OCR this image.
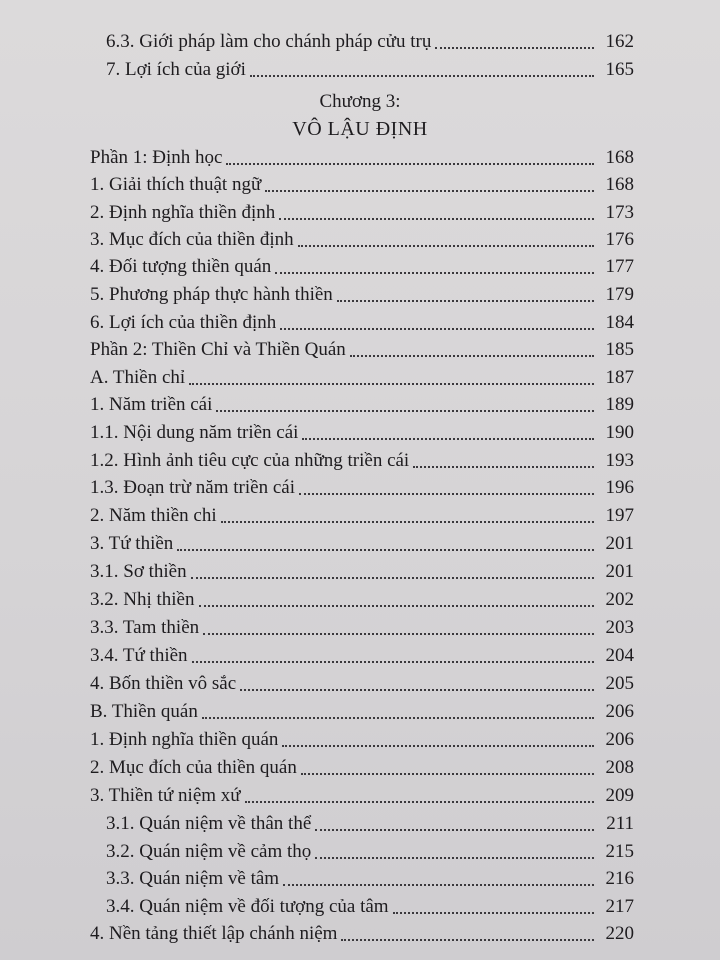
6.3. Giới pháp làm cho chánh pháp cửu trụ	162
7. Lợi ích của giới	165
Chương 3:
VÔ LẬU ĐỊNH
Phần 1: Định học	168
1. Giải thích thuật ngữ	168
2. Định nghĩa thiền định	173
3. Mục đích của thiền định	176
4. Đối tượng thiền quán	177
5. Phương pháp thực hành thiền	179
6. Lợi ích của thiền định	184
Phần 2: Thiền Chỉ và Thiền Quán	185
A. Thiền chỉ	187
1. Năm triền cái	189
1.1. Nội dung năm triền cái	190
1.2. Hình ảnh tiêu cực của những triền cái	193
1.3. Đoạn trừ năm triền cái	196
2. Năm thiền chi	197
3. Tứ thiền	201
3.1. Sơ thiền	201
3.2. Nhị thiền	202
3.3. Tam thiền	203
3.4. Tứ thiền	204
4. Bốn thiền vô sắc	205
B. Thiền quán	206
1. Định nghĩa thiền quán	206
2. Mục đích của thiền quán	208
3. Thiền tứ niệm xứ	209
3.1. Quán niệm về thân thể	211
3.2. Quán niệm về cảm thọ	215
3.3. Quán niệm về tâm	216
3.4. Quán niệm về đối tượng của tâm	217
4. Nền tảng thiết lập chánh niệm	220
